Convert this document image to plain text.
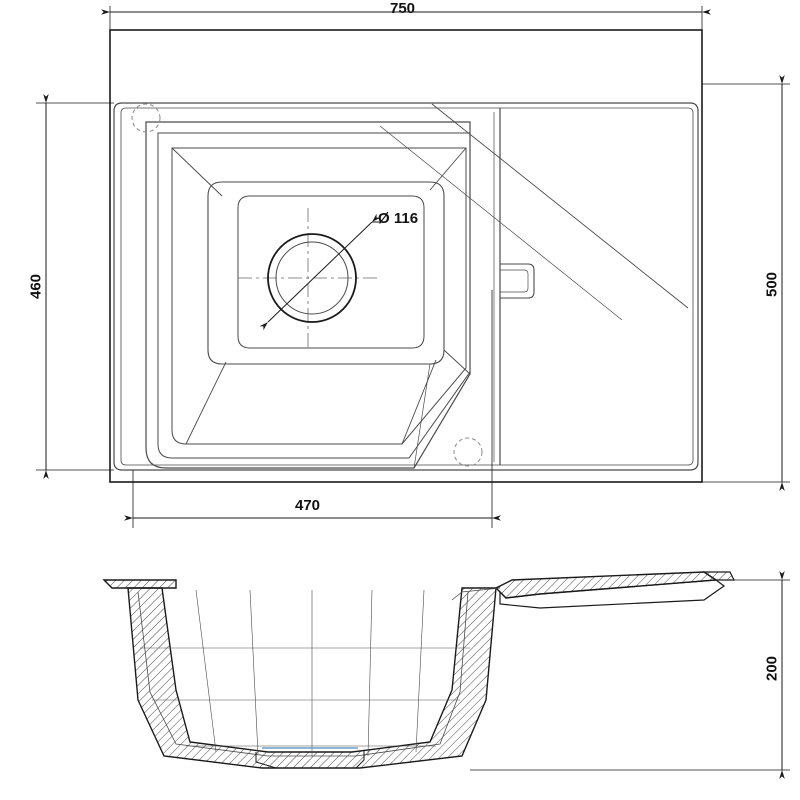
750
460	500
470
Ø 116
200
